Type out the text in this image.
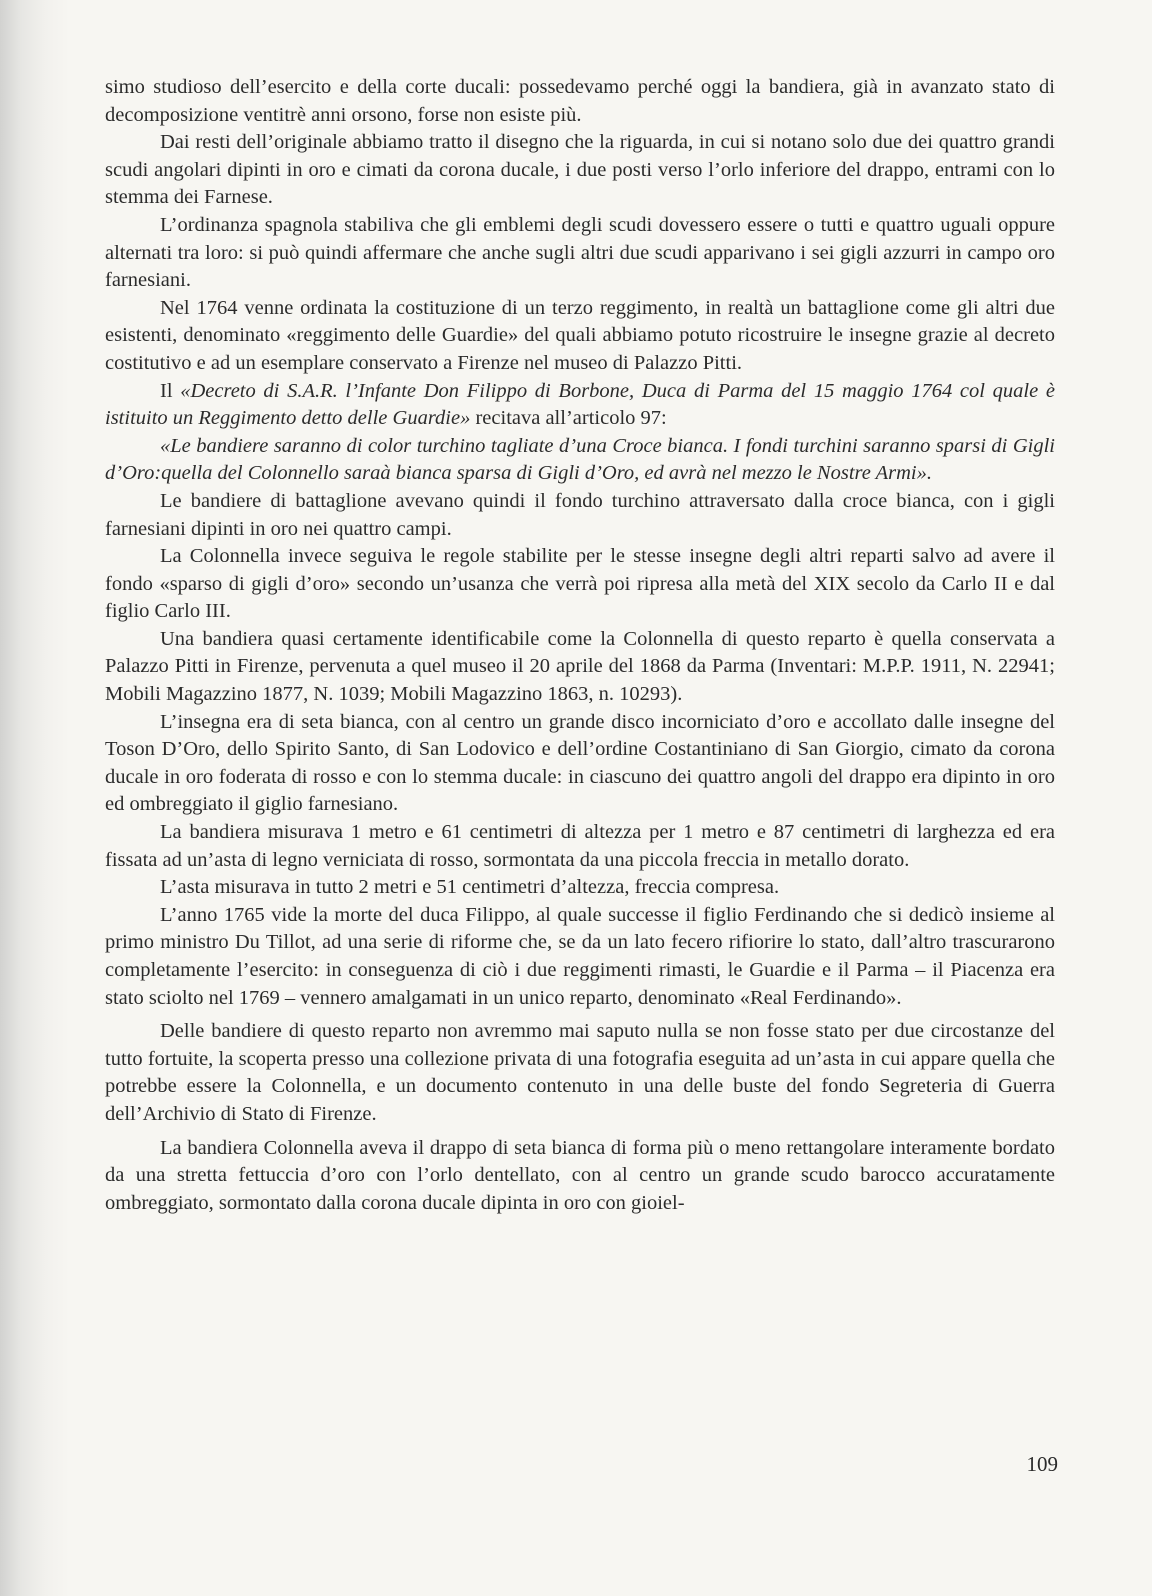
simo studioso dell’esercito e della corte ducali: possedevamo perché oggi la bandiera, già in avanzato stato di decomposizione ventitrè anni orsono, forse non esiste più.

Dai resti dell’originale abbiamo tratto il disegno che la riguarda, in cui si notano solo due dei quattro grandi scudi angolari dipinti in oro e cimati da corona ducale, i due posti verso l’orlo inferiore del drappo, entrami con lo stemma dei Farnese.

L’ordinanza spagnola stabiliva che gli emblemi degli scudi dovessero essere o tutti e quattro uguali oppure alternati tra loro: si può quindi affermare che anche sugli altri due scudi apparivano i sei gigli azzurri in campo oro farnesiani.

Nel 1764 venne ordinata la costituzione di un terzo reggimento, in realtà un battaglione come gli altri due esistenti, denominato «reggimento delle Guardie» del quali abbiamo potuto ricostruire le insegne grazie al decreto costitutivo e ad un esemplare conservato a Firenze nel museo di Palazzo Pitti.

Il «Decreto di S.A.R. l’Infante Don Filippo di Borbone, Duca di Parma del 15 maggio 1764 col quale è istituito un Reggimento detto delle Guardie» recitava all’articolo 97:

«Le bandiere saranno di color turchino tagliate d’una Croce bianca. I fondi turchini saranno sparsi di Gigli d’Oro:quella del Colonnello saraà bianca sparsa di Gigli d’Oro, ed avrà nel mezzo le Nostre Armi».

Le bandiere di battaglione avevano quindi il fondo turchino attraversato dalla croce bianca, con i gigli farnesiani dipinti in oro nei quattro campi.

La Colonnella invece seguiva le regole stabilite per le stesse insegne degli altri reparti salvo ad avere il fondo «sparso di gigli d’oro» secondo un’usanza che verrà poi ripresa alla metà del XIX secolo da Carlo II e dal figlio Carlo III.

Una bandiera quasi certamente identificabile come la Colonnella di questo reparto è quella conservata a Palazzo Pitti in Firenze, pervenuta a quel museo il 20 aprile del 1868 da Parma (Inventari: M.P.P. 1911, N. 22941; Mobili Magazzino 1877, N. 1039; Mobili Magazzino 1863, n. 10293).

L’insegna era di seta bianca, con al centro un grande disco incorniciato d’oro e accollato dalle insegne del Toson D’Oro, dello Spirito Santo, di San Lodovico e dell’ordine Costantiniano di San Giorgio, cimato da corona ducale in oro foderata di rosso e con lo stemma ducale: in ciascuno dei quattro angoli del drappo era dipinto in oro ed ombreggiato il giglio farnesiano.

La bandiera misurava 1 metro e 61 centimetri di altezza per 1 metro e 87 centimetri di larghezza ed era fissata ad un’asta di legno verniciata di rosso, sormontata da una piccola freccia in metallo dorato.

L’asta misurava in tutto 2 metri e 51 centimetri d’altezza, freccia compresa.

L’anno 1765 vide la morte del duca Filippo, al quale successe il figlio Ferdinando che si dedicò insieme al primo ministro Du Tillot, ad una serie di riforme che, se da un lato fecero rifiorire lo stato, dall’altro trascurarono completamente l’esercito: in conseguenza di ciò i due reggimenti rimasti, le Guardie e il Parma – il Piacenza era stato sciolto nel 1769 – vennero amalgamati in un unico reparto, denominato «Real Ferdinando».

Delle bandiere di questo reparto non avremmo mai saputo nulla se non fosse stato per due circostanze del tutto fortuite, la scoperta presso una collezione privata di una fotografia eseguita ad un’asta in cui appare quella che potrebbe essere la Colonnella, e un documento contenuto in una delle buste del fondo Segreteria di Guerra dell’Archivio di Stato di Firenze.

La bandiera Colonnella aveva il drappo di seta bianca di forma più o meno rettangolare interamente bordato da una stretta fettuccia d’oro con l’orlo dentellato, con al centro un grande scudo barocco accuratamente ombreggiato, sormontato dalla corona ducale dipinta in oro con gioiel-

109
